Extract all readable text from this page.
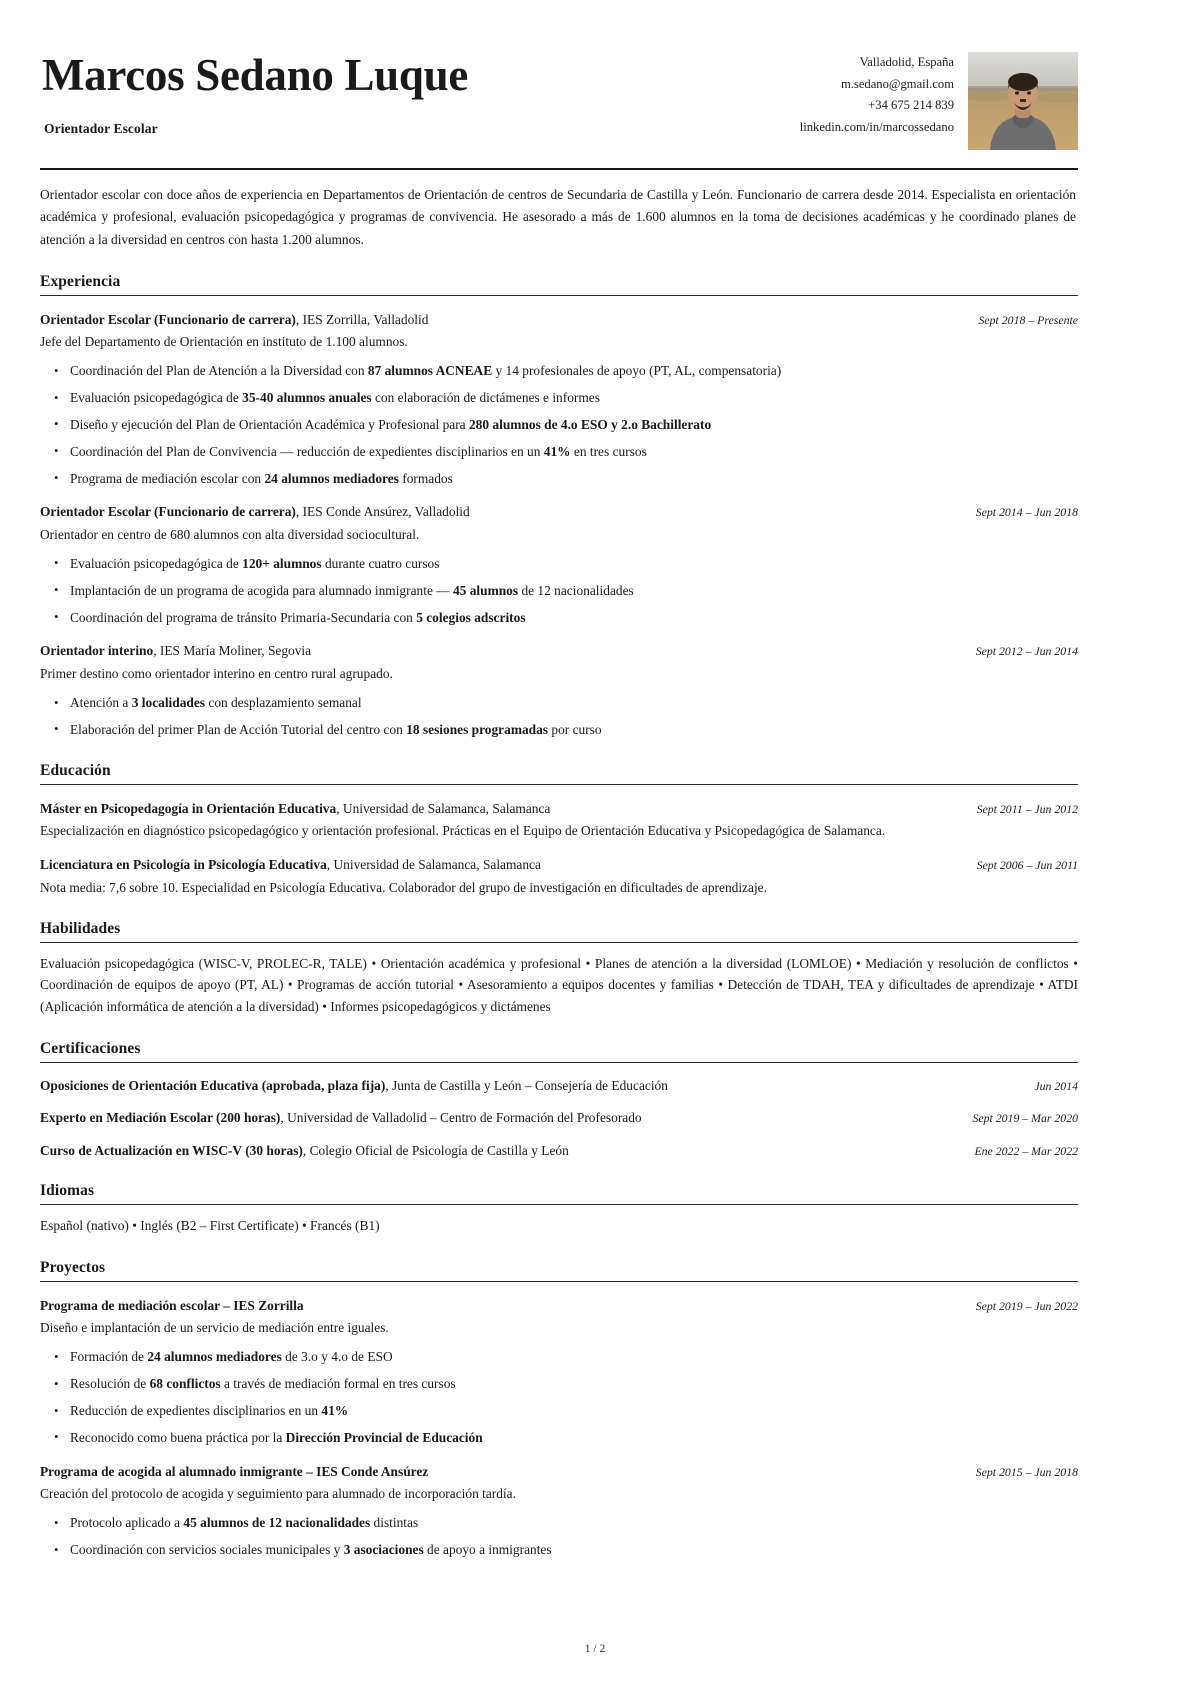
Marcos Sedano Luque
Orientador Escolar
Valladolid, España
m.sedano@gmail.com
+34 675 214 839
linkedin.com/in/marcossedano

Orientador escolar con doce años de experiencia en Departamentos de Orientación de centros de Secundaria de Castilla y León. Funcionario de carrera desde 2014. Especialista en orientación académica y profesional, evaluación psicopedagógica y programas de convivencia. He asesorado a más de 1.600 alumnos en la toma de decisiones académicas y he coordinado planes de atención a la diversidad en centros con hasta 1.200 alumnos.

Experiencia
Orientador Escolar (Funcionario de carrera), IES Zorrilla, Valladolid	Sept 2018 – Presente
Jefe del Departamento de Orientación en instituto de 1.100 alumnos.
• Coordinación del Plan de Atención a la Diversidad con 87 alumnos ACNEAE y 14 profesionales de apoyo (PT, AL, compensatoria)
• Evaluación psicopedagógica de 35-40 alumnos anuales con elaboración de dictámenes e informes
• Diseño y ejecución del Plan de Orientación Académica y Profesional para 280 alumnos de 4.o ESO y 2.o Bachillerato
• Coordinación del Plan de Convivencia — reducción de expedientes disciplinarios en un 41% en tres cursos
• Programa de mediación escolar con 24 alumnos mediadores formados
Orientador Escolar (Funcionario de carrera), IES Conde Ansúrez, Valladolid	Sept 2014 – Jun 2018
Orientador en centro de 680 alumnos con alta diversidad sociocultural.
• Evaluación psicopedagógica de 120+ alumnos durante cuatro cursos
• Implantación de un programa de acogida para alumnado inmigrante — 45 alumnos de 12 nacionalidades
• Coordinación del programa de tránsito Primaria-Secundaria con 5 colegios adscritos
Orientador interino, IES María Moliner, Segovia	Sept 2012 – Jun 2014
Primer destino como orientador interino en centro rural agrupado.
• Atención a 3 localidades con desplazamiento semanal
• Elaboración del primer Plan de Acción Tutorial del centro con 18 sesiones programadas por curso
Educación
Máster en Psicopedagogía in Orientación Educativa, Universidad de Salamanca, Salamanca	Sept 2011 – Jun 2012
Especialización en diagnóstico psicopedagógico y orientación profesional. Prácticas en el Equipo de Orientación Educativa y Psicopedagógica de Salamanca.
Licenciatura en Psicología in Psicología Educativa, Universidad de Salamanca, Salamanca	Sept 2006 – Jun 2011
Nota media: 7,6 sobre 10. Especialidad en Psicología Educativa. Colaborador del grupo de investigación en dificultades de aprendizaje.
Habilidades

Evaluación psicopedagógica (WISC-V, PROLEC-R, TALE) • Orientación académica y profesional • Planes de atención a la diversidad (LOMLOE) • Mediación y resolución de conflictos • Coordinación de equipos de apoyo (PT, AL) • Programas de acción tutorial • Asesoramiento a equipos docentes y familias • Detección de TDAH, TEA y dificultades de aprendizaje • ATDI (Aplicación informática de atención a la diversidad) • Informes psicopedagógicos y dictámenes

Certificaciones
Oposiciones de Orientación Educativa (aprobada, plaza fija), Junta de Castilla y León – Consejería de Educación	Jun 2014
Experto en Mediación Escolar (200 horas), Universidad de Valladolid – Centro de Formación del Profesorado	Sept 2019 – Mar 2020
Curso de Actualización en WISC-V (30 horas), Colegio Oficial de Psicología de Castilla y León	Ene 2022 – Mar 2022
Idiomas

Español (nativo) • Inglés (B2 – First Certificate) • Francés (B1)

Proyectos
Programa de mediación escolar – IES Zorrilla	Sept 2019 – Jun 2022
Diseño e implantación de un servicio de mediación entre iguales.
• Formación de 24 alumnos mediadores de 3.o y 4.o de ESO
• Resolución de 68 conflictos a través de mediación formal en tres cursos
• Reducción de expedientes disciplinarios en un 41%
• Reconocido como buena práctica por la Dirección Provincial de Educación
Programa de acogida al alumnado inmigrante – IES Conde Ansúrez	Sept 2015 – Jun 2018
Creación del protocolo de acogida y seguimiento para alumnado de incorporación tardía.
• Protocolo aplicado a 45 alumnos de 12 nacionalidades distintas
• Coordinación con servicios sociales municipales y 3 asociaciones de apoyo a inmigrantes
1 / 2
